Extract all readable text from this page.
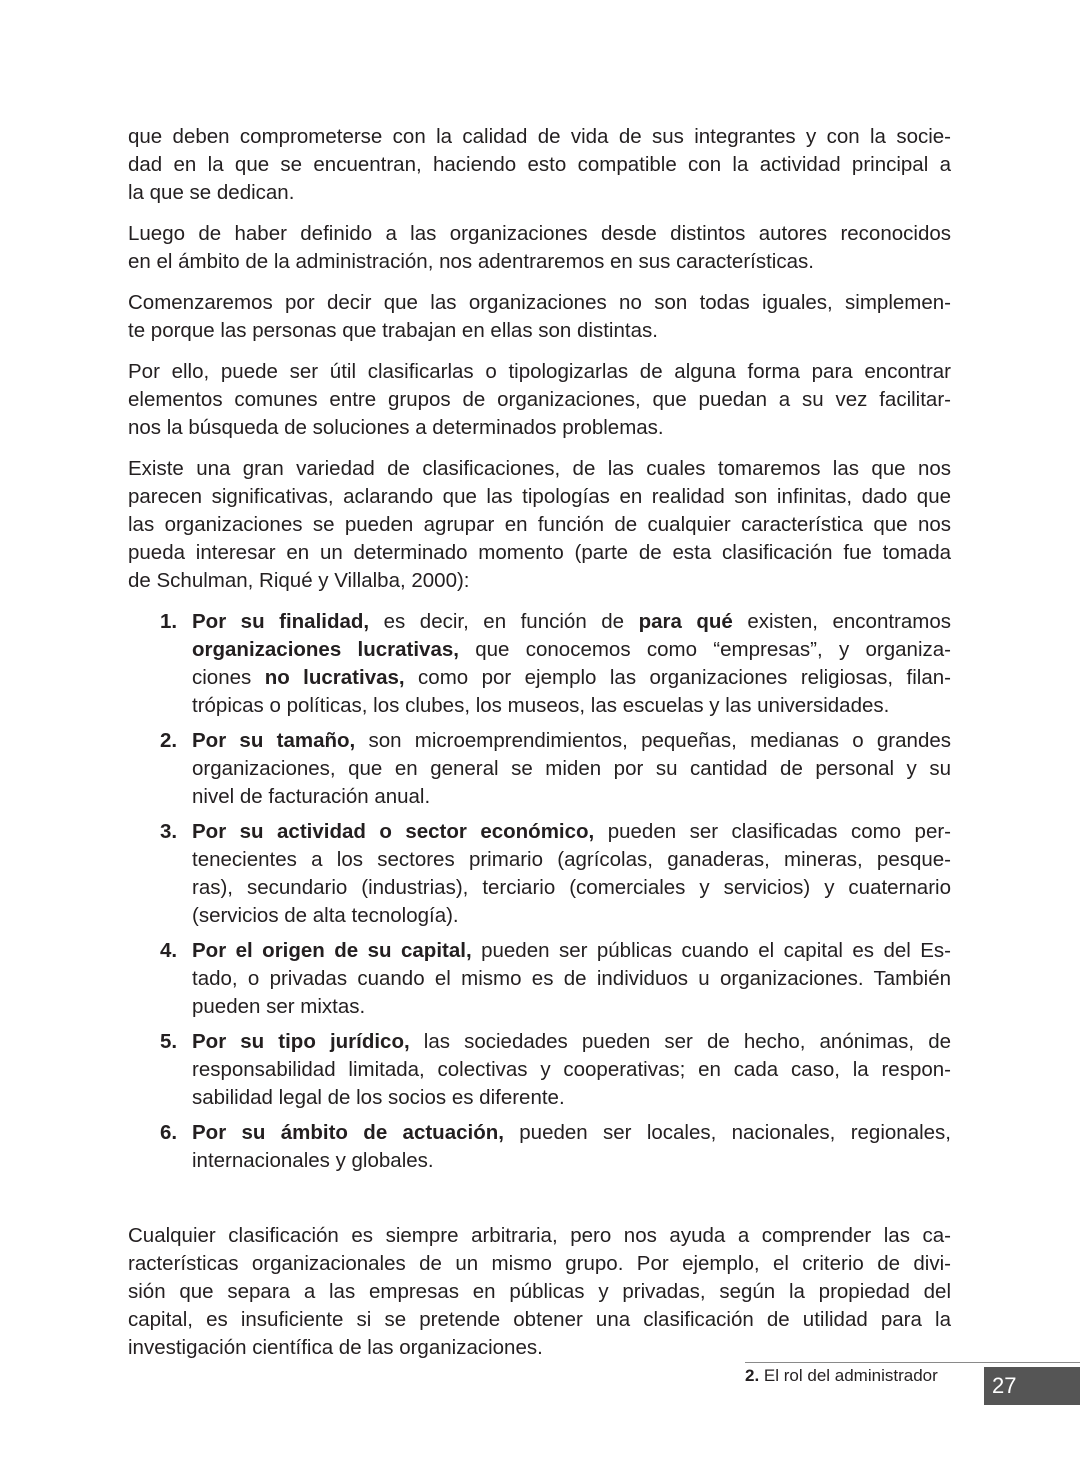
que deben comprometerse con la calidad de vida de sus integrantes y con la socie-
dad en la que se encuentran, haciendo esto compatible con la actividad principal a
la que se dedican.
Luego de haber definido a las organizaciones desde distintos autores reconocidos
en el ámbito de la administración, nos adentraremos en sus características.
Comenzaremos por decir que las organizaciones no son todas iguales, simplemen-
te porque las personas que trabajan en ellas son distintas.
Por ello, puede ser útil clasificarlas o tipologizarlas de alguna forma para encontrar
elementos comunes entre grupos de organizaciones, que puedan a su vez facilitar-
nos la búsqueda de soluciones a determinados problemas.
Existe una gran variedad de clasificaciones, de las cuales tomaremos las que nos
parecen significativas, aclarando que las tipologías en realidad son infinitas, dado que
las organizaciones se pueden agrupar en función de cualquier característica que nos
pueda interesar en un determinado momento (parte de esta clasificación fue tomada
de Schulman, Riqué y Villalba, 2000):
1. Por su finalidad, es decir, en función de para qué existen, encontramos
organizaciones lucrativas, que conocemos como “empresas”, y organiza-
ciones no lucrativas, como por ejemplo las organizaciones religiosas, filan-
trópicas o políticas, los clubes, los museos, las escuelas y las universidades.
2. Por su tamaño, son microemprendimientos, pequeñas, medianas o grandes
organizaciones, que en general se miden por su cantidad de personal y su
nivel de facturación anual.
3. Por su actividad o sector económico, pueden ser clasificadas como per-
tenecientes a los sectores primario (agrícolas, ganaderas, mineras, pesque-
ras), secundario (industrias), terciario (comerciales y servicios) y cuaternario
(servicios de alta tecnología).
4. Por el origen de su capital, pueden ser públicas cuando el capital es del Es-
tado, o privadas cuando el mismo es de individuos u organizaciones. También
pueden ser mixtas.
5. Por su tipo jurídico, las sociedades pueden ser de hecho, anónimas, de
responsabilidad limitada, colectivas y cooperativas; en cada caso, la respon-
sabilidad legal de los socios es diferente.
6. Por su ámbito de actuación, pueden ser locales, nacionales, regionales,
internacionales y globales.
Cualquier clasificación es siempre arbitraria, pero nos ayuda a comprender las ca-
racterísticas organizacionales de un mismo grupo. Por ejemplo, el criterio de divi-
sión que separa a las empresas en públicas y privadas, según la propiedad del
capital, es insuficiente si se pretende obtener una clasificación de utilidad para la
investigación científica de las organizaciones.
2. El rol del administrador	27
